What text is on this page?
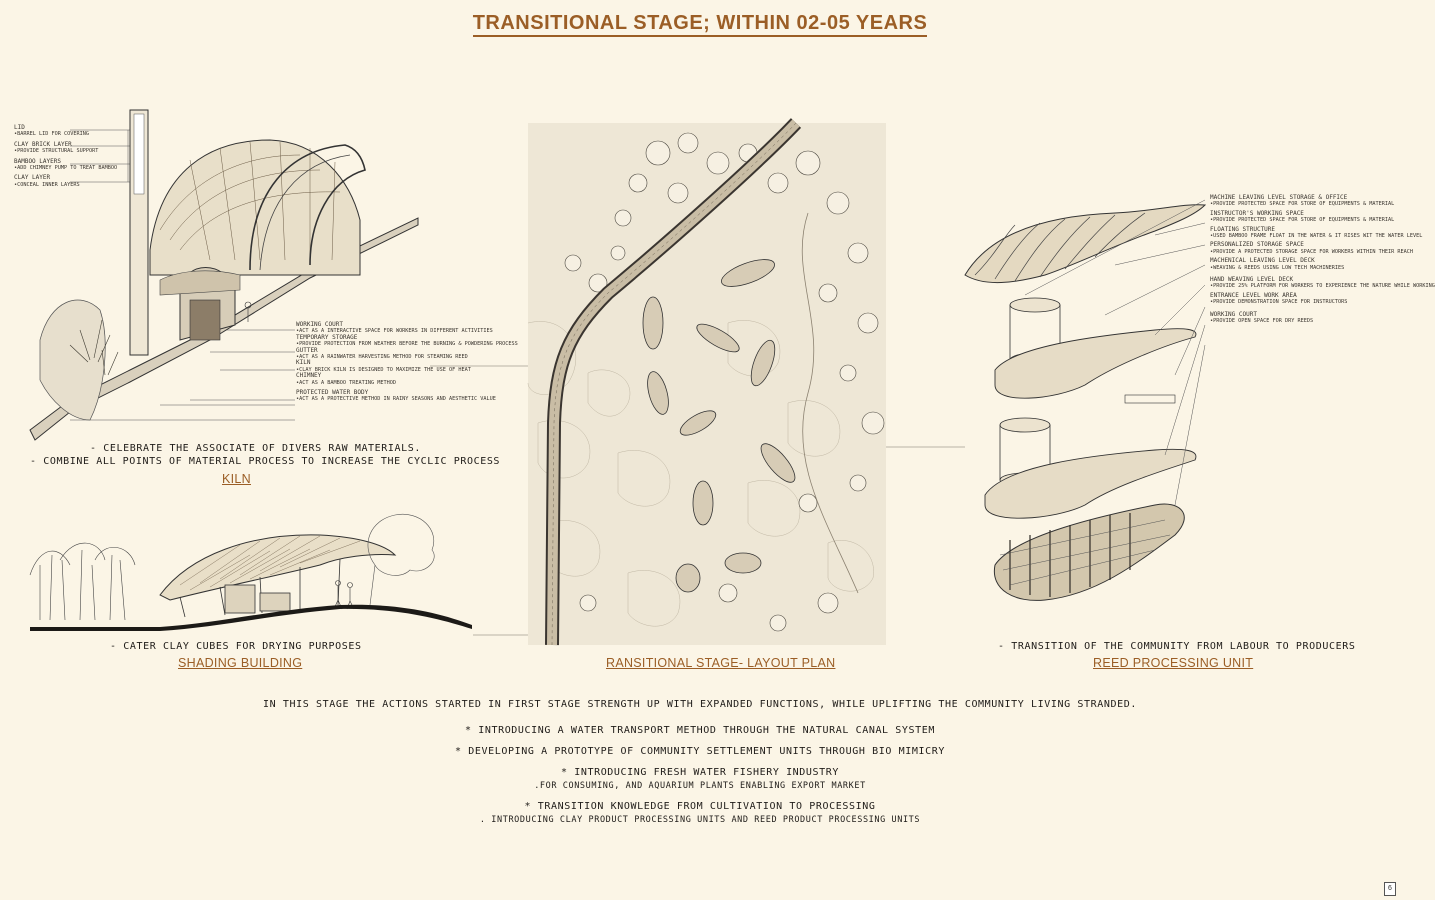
TRANSITIONAL STAGE; WITHIN 02-05 YEARS
LID
•BARREL LID FOR COVERING
CLAY BRICK LAYER
•PROVIDE STRUCTURAL SUPPORT
BAMBOO LAYERS
•ADD CHIMNEY PUMP TO TREAT BAMBOO
CLAY LAYER
•CONCEAL INNER LAYERS
WORKING COURT
•ACT AS A INTERACTIVE SPACE FOR WORKERS IN DIFFERENT ACTIVITIES
TEMPORARY STORAGE
•PROVIDE PROTECTION FROM WEATHER BEFORE THE BURNING & POWDERING PROCESS
GUTTER
•ACT AS A RAINWATER HARVESTING METHOD FOR STEAMING REED
KILN
•CLAY BRICK KILN IS DESIGNED TO MAXIMIZE THE USE OF HEAT
CHIMNEY
•ACT AS A BAMBOO TREATING METHOD
PROTECTED WATER BODY
•ACT AS A PROTECTIVE METHOD IN RAINY SEASONS AND AESTHETIC VALUE
- CELEBRATE THE ASSOCIATE OF DIVERS RAW MATERIALS.
- COMBINE ALL POINTS OF MATERIAL PROCESS TO INCREASE THE CYCLIC PROCESS
KILN
- CATER CLAY CUBES FOR DRYING PURPOSES
SHADING BUILDING	RANSITIONAL STAGE- LAYOUT PLAN
MACHINE LEAVING LEVEL STORAGE & OFFICE
•PROVIDE PROTECTED SPACE FOR STORE OF EQUIPMENTS & MATERIAL
INSTRUCTOR'S WORKING SPACE
•PROVIDE PROTECTED SPACE FOR STORE OF EQUIPMENTS & MATERIAL
FLOATING STRUCTURE
•USED BAMBOO FRAME FLOAT IN THE WATER & IT RISES WIT THE WATER LEVEL
PERSONALIZED STORAGE SPACE
•PROVIDE A PROTECTED STORAGE SPACE FOR WORKERS WITHIN THEIR REACH
MACHENICAL LEAVING LEVEL DECK
•WEAVING & REEDS USING LOW TECH MACHINERIES
HAND WEAVING LEVEL DECK
•PROVIDE 25% PLATFORM FOR WORKERS TO EXPERIENCE THE NATURE WHILE WORKING
ENTRANCE LEVEL WORK AREA
•PROVIDE DEMONSTRATION SPACE FOR INSTRUCTORS
WORKING COURT
•PROVIDE OPEN SPACE FOR DRY REEDS
- TRANSITION OF THE COMMUNITY FROM LABOUR TO PRODUCERS
REED PROCESSING UNIT
IN THIS STAGE THE ACTIONS STARTED IN FIRST STAGE STRENGTH UP WITH EXPANDED FUNCTIONS, WHILE UPLIFTING THE COMMUNITY LIVING STRANDED.
* INTRODUCING A WATER TRANSPORT METHOD THROUGH THE NATURAL CANAL SYSTEM
* DEVELOPING A PROTOTYPE OF COMMUNITY SETTLEMENT UNITS THROUGH BIO MIMICRY
* INTRODUCING FRESH WATER FISHERY INDUSTRY
.FOR CONSUMING, AND AQUARIUM PLANTS ENABLING EXPORT MARKET
* TRANSITION KNOWLEDGE FROM CULTIVATION TO PROCESSING
. INTRODUCING CLAY PRODUCT PROCESSING UNITS AND REED PRODUCT PROCESSING UNITS
6
